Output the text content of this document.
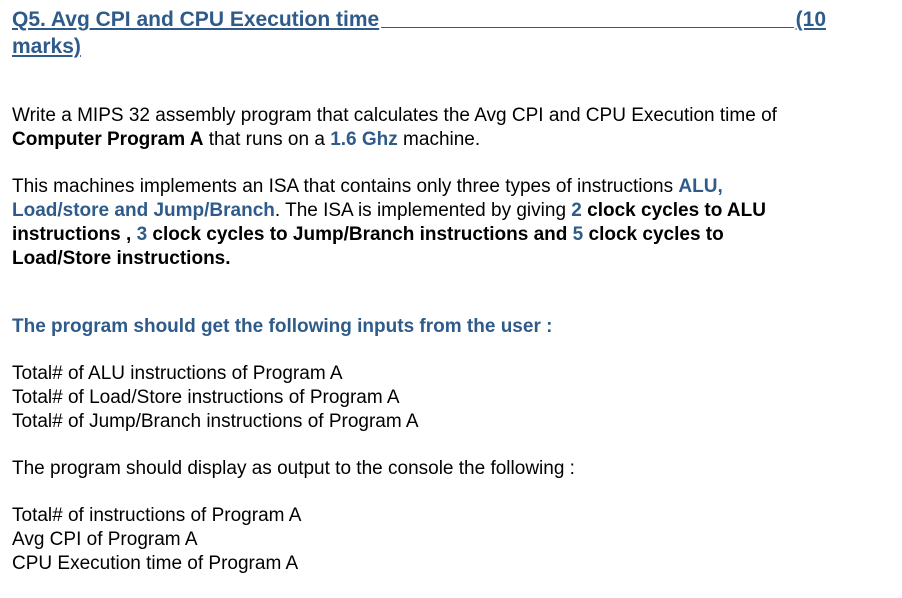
Q5. Avg CPI and CPU Execution time	(10
marks)

Write a MIPS 32 assembly program that calculates the Avg CPI and CPU Execution time of
Computer Program A that runs on a 1.6 Ghz machine.

This machines implements an ISA that contains only three types of instructions ALU,
Load/store and Jump/Branch. The ISA is implemented by giving 2 clock cycles to ALU
instructions , 3 clock cycles to Jump/Branch instructions and 5 clock cycles to
Load/Store instructions.

The program should get the following inputs from the user :

Total# of ALU instructions of Program A
Total# of Load/Store instructions of Program A
Total# of Jump/Branch instructions of Program A

The program should display as output to the console the following :

Total# of instructions of Program A
Avg CPI of Program A
CPU Execution time of Program A
